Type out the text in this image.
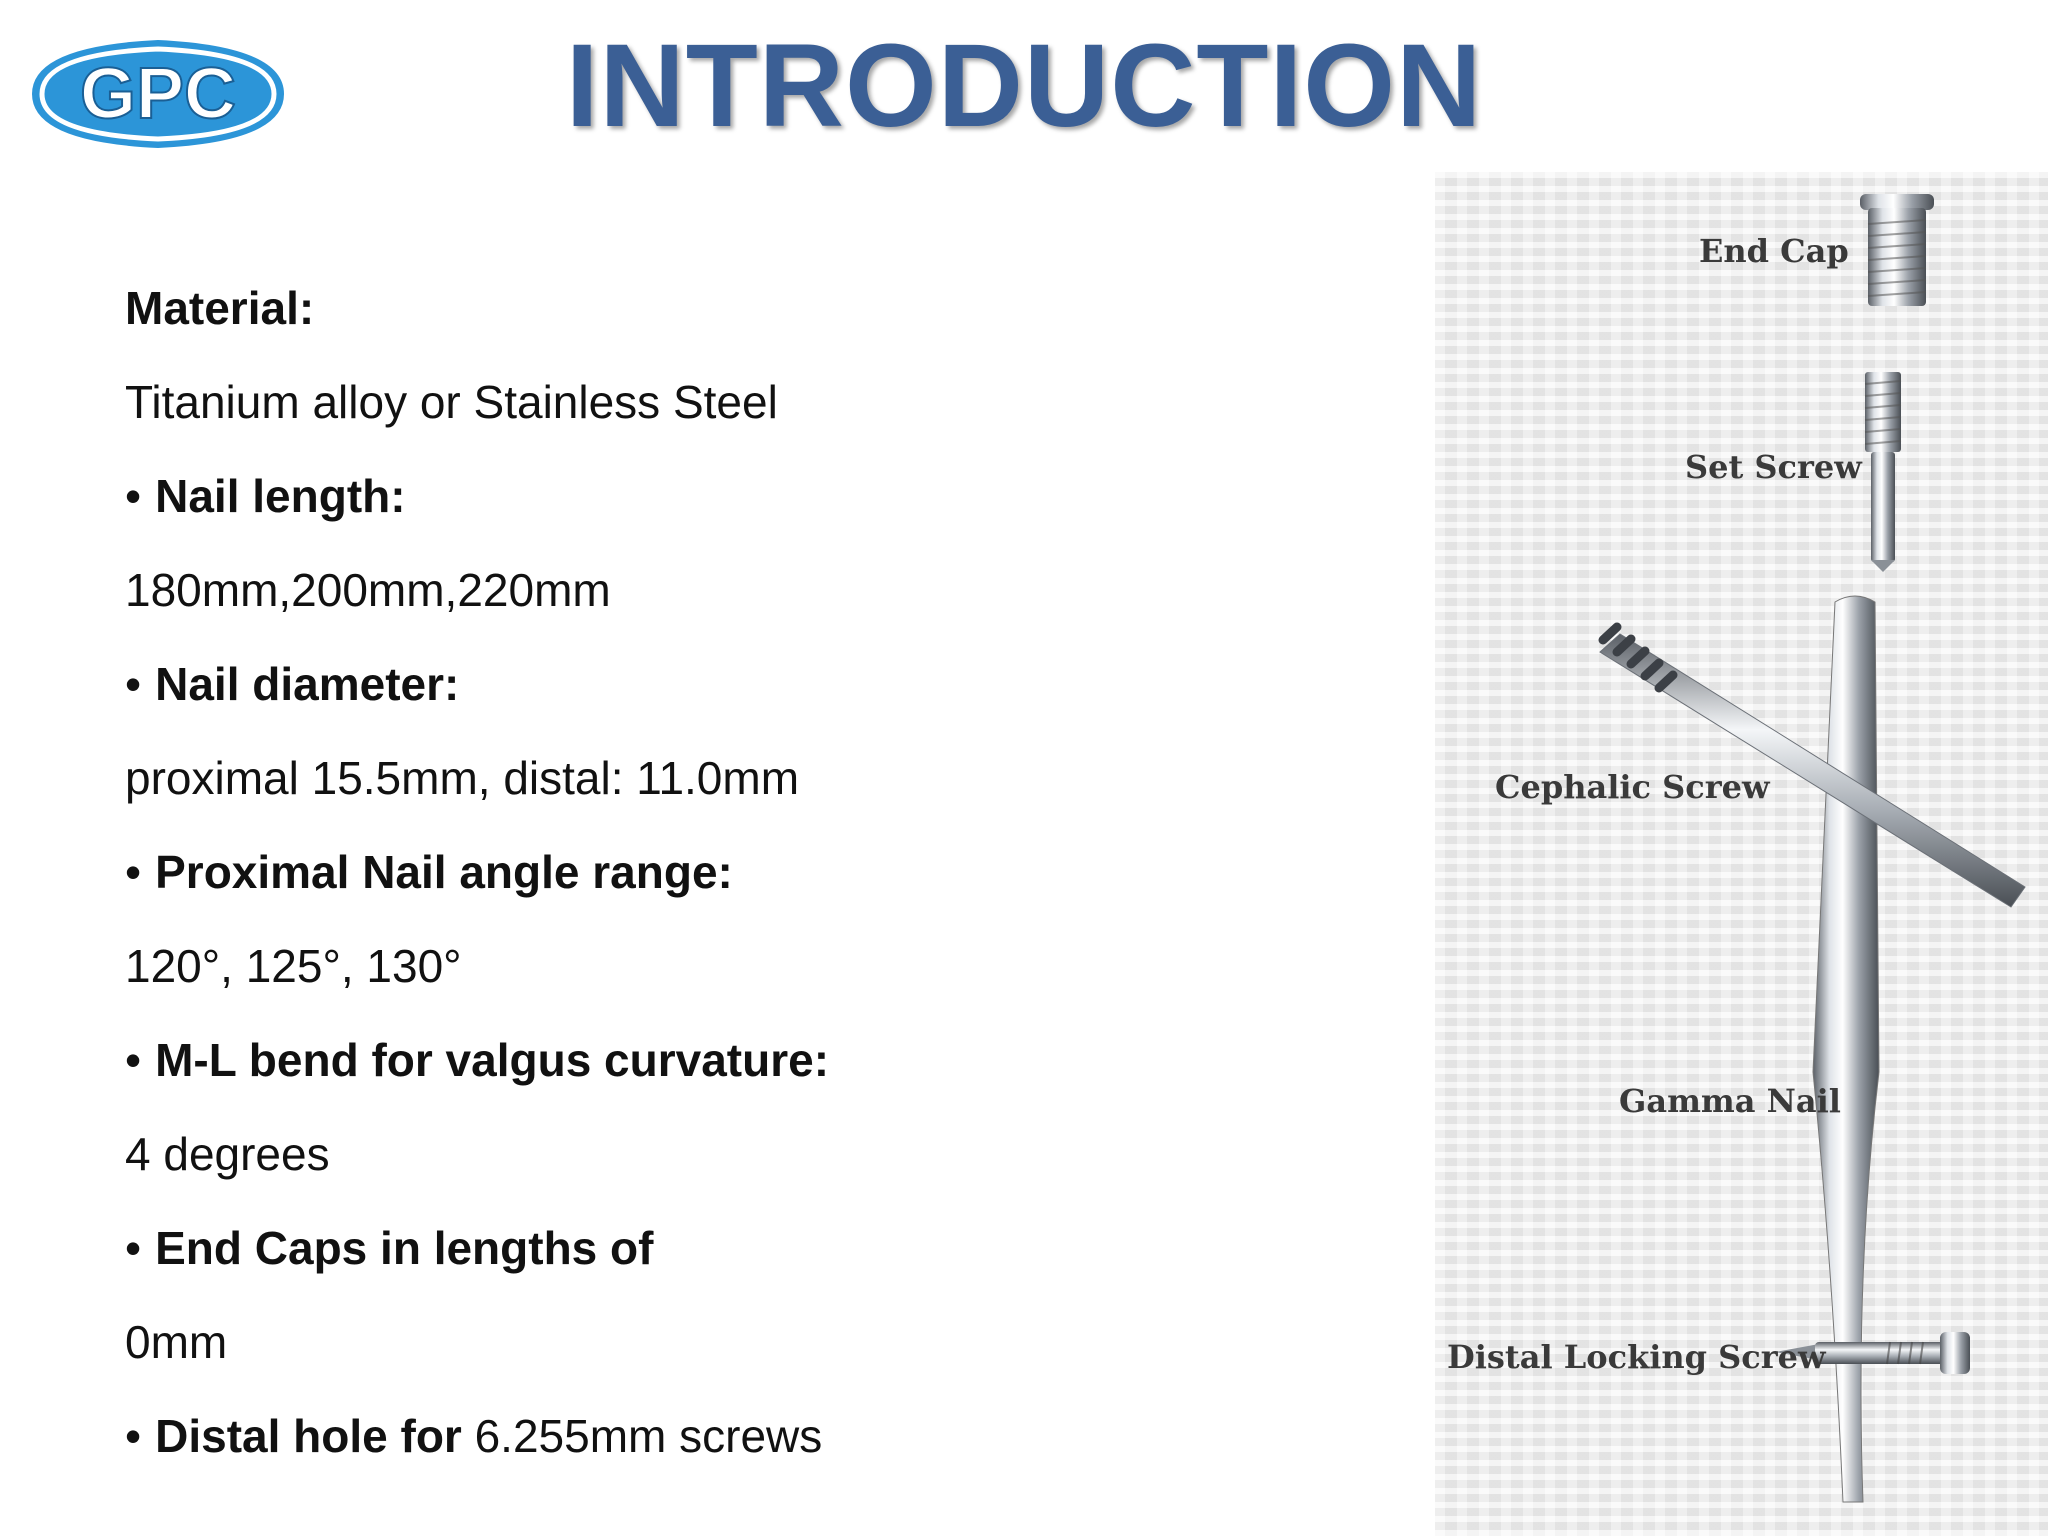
GPC	INTRODUCTION
Material:
Titanium alloy or Stainless Steel
• Nail length:
180mm,200mm,220mm
• Nail diameter:
proximal 15.5mm, distal: 11.0mm
• Proximal Nail angle range:
120°, 125°, 130°
• M-L bend for valgus curvature:
4 degrees
• End Caps in lengths of
0mm
• Distal hole for 6.255mm screws
End Cap
Set Screw
Cephalic Screw
Gamma Nail
Distal Locking Screw
